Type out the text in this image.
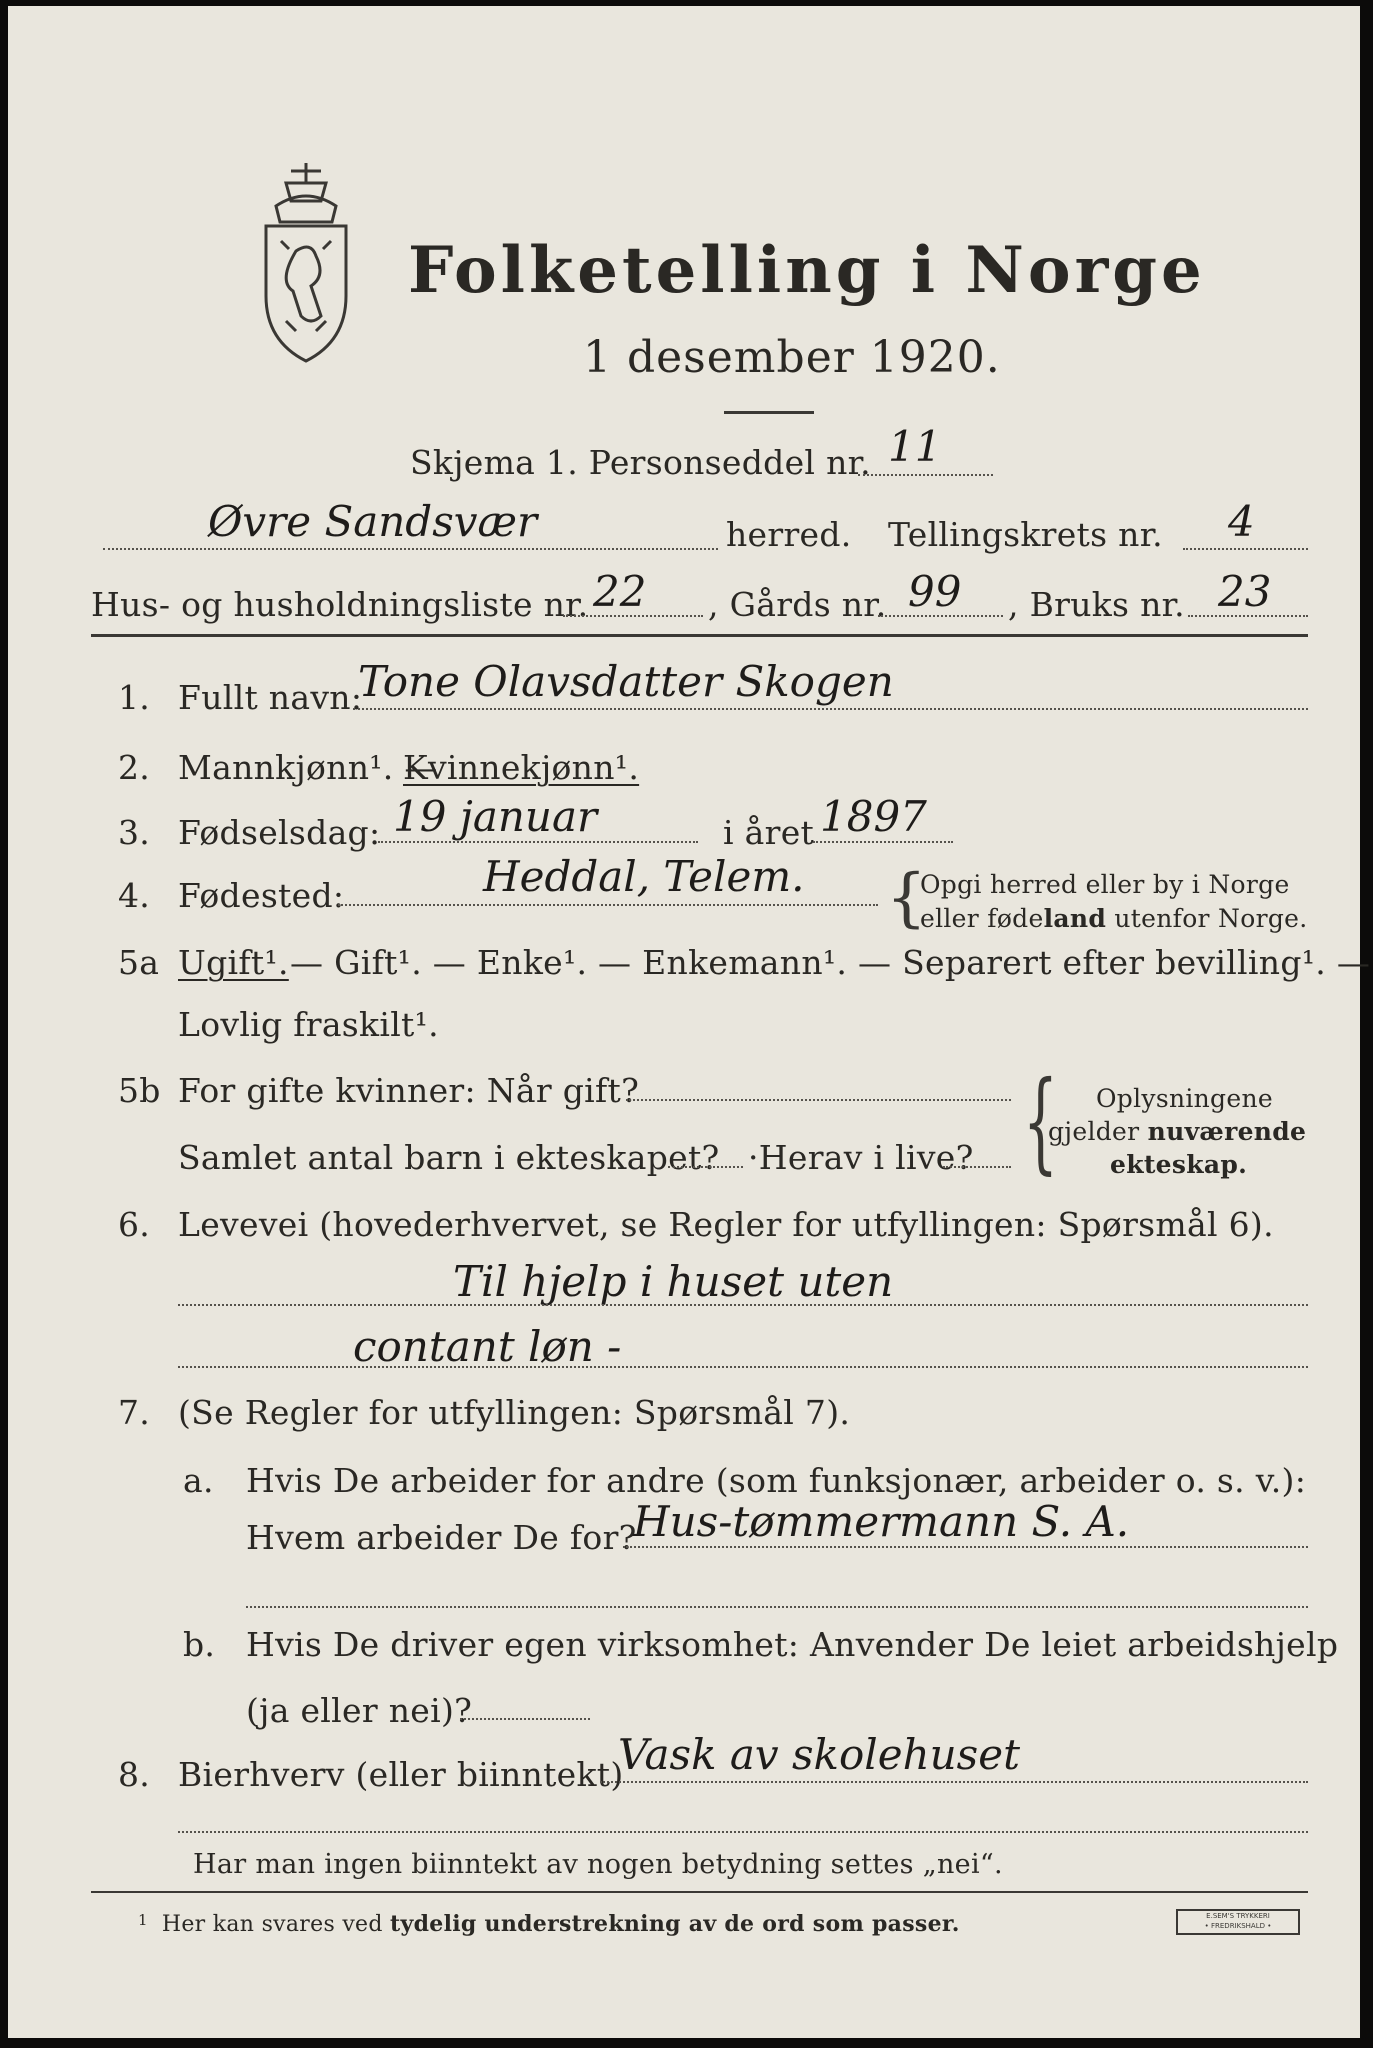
Folketelling i Norge
1 desember 1920.
Skjema 1. Personseddel nr. 11
Øvre Sandsvær	herred. Tellingskrets nr. 4
Hus- og husholdningsliste nr. 22 , Gårds nr. 99 , Bruks nr. 23
1. Fullt navn:
Tone Olavsdatter Skogen
2. Mannkjønn¹. —
Kvinnekjønn¹.
3. Fødselsdag: 19 januar	i året 1897
4. Fødested:	Heddal, Telem. {
Opgi herred eller by i Norge
eller fødeland utenfor Norge.
5a Ugift¹. — Gift¹. — Enke¹. — Enkemann¹. — Separert efter bevilling¹. —
Lovlig fraskilt¹.
5b For gifte kvinner: Når gift?
Samlet antal barn i ekteskapet? ·Herav i live? { Oplysningene
gjelder nuværende
ekteskap.
6. Levevei (hovederhvervet, se Regler for utfyllingen: Spørsmål 6).
Til hjelp i huset uten
contant løn -
7. (Se Regler for utfyllingen: Spørsmål 7).
a. Hvis De arbeider for andre (som funksjonær, arbeider o. s. v.):
Hvem arbeider De for?
Hus-tømmermann S. A.
b. Hvis De driver egen virksomhet: Anvender De leiet arbeidshjelp
(ja eller nei)?
8. Bierhverv (eller biinntekt)
Vask av skolehuset
Har man ingen biinntekt av nogen betydning settes „nei“.
$^1$ Her kan svares ved tydelig understrekning av de ord som passer.	E.SEM'S TRYKKERI
• FREDRIKSHALD •
